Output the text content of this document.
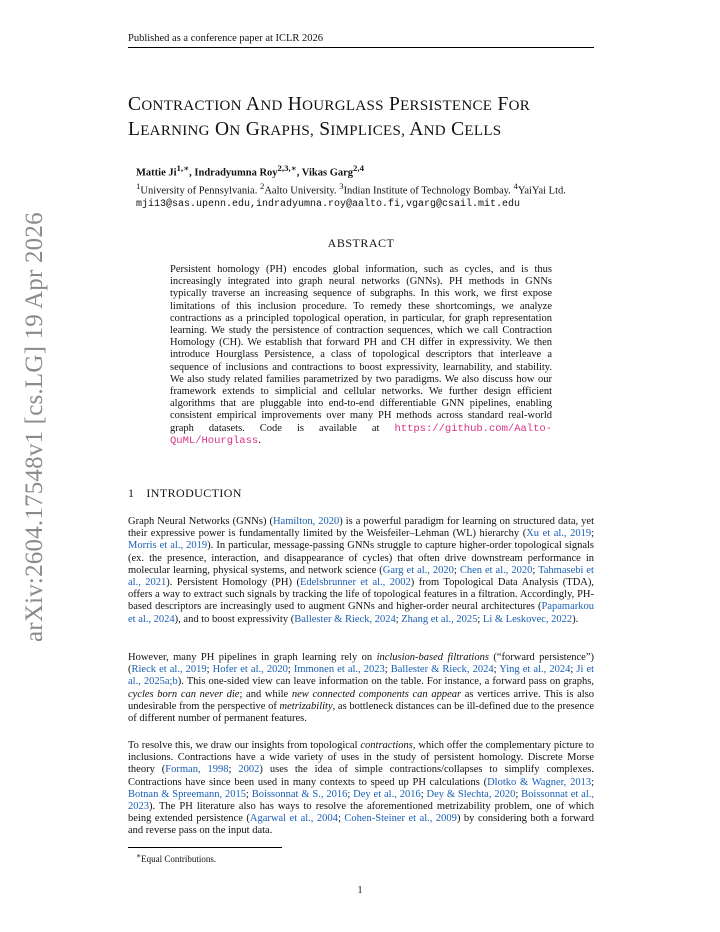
Published as a conference paper at ICLR 2026
arXiv:2604.17548v1 [cs.LG] 19 Apr 2026
CONTRACTION AND HOURGLASS PERSISTENCE FOR
LEARNING ON GRAPHS, SIMPLICES, AND CELLS
Mattie $Ji^{1,∗}$, Indradyumna Roy$^{2,3,∗}$, Vikas Garg$^{2,4}$
$^1$University of Pennsylvania. $^2$Aalto University. $^3$Indian Institute of Technology Bombay. $^4$YaiYai Ltd.
mji13@sas.upenn.edu,indradyumna.roy@aalto.fi,vgarg@csail.mit.edu
ABSTRACT

Persistent homology (PH) encodes global information, such as cycles, and is thus increasingly integrated into graph neural networks (GNNs). PH methods in GNNs typically traverse an increasing sequence of subgraphs. In this work, we first expose limitations of this inclusion procedure. To remedy these shortcomings, we analyze contractions as a principled topological operation, in particular, for graph representation learning. We study the persistence of contraction sequences, which we call Contraction Homology (CH). We establish that forward PH and CH differ in expressivity. We then introduce Hourglass Persistence, a class of topological descriptors that interleave a sequence of inclusions and contractions to boost expressivity, learnability, and stability. We also study related families parametrized by two paradigms. We also discuss how our framework extends to simplicial and cellular networks. We further design efficient algorithms that are pluggable into end-to-end differentiable GNN pipelines, enabling consistent empirical improvements over many PH methods across standard real-world graph datasets. Code is available at https://github.com/Aalto-QuML/Hourglass.

1 INTRODUCTION

Graph Neural Networks (GNNs) (Hamilton, 2020) is a powerful paradigm for learning on structured data, yet their expressive power is fundamentally limited by the Weisfeiler–Lehman (WL) hierarchy (Xu et al., 2019; Morris et al., 2019). In particular, message-passing GNNs struggle to capture higher-order topological signals (ex. the presence, interaction, and disappearance of cycles) that often drive downstream performance in molecular learning, physical systems, and network science (Garg et al., 2020; Chen et al., 2020; Tahmasebi et al., 2021). Persistent Homology (PH) (Edelsbrunner et al., 2002) from Topological Data Analysis (TDA), offers a way to extract such signals by tracking the life of topological features in a filtration. Accordingly, PH-based descriptors are increasingly used to augment GNNs and higher-order neural architectures (Papamarkou et al., 2024), and to boost expressivity (Ballester & Rieck, 2024; Zhang et al., 2025; Li & Leskovec, 2022).

However, many PH pipelines in graph learning rely on inclusion-based filtrations (“forward persistence”) (Rieck et al., 2019; Hofer et al., 2020; Immonen et al., 2023; Ballester & Rieck, 2024; Ying et al., 2024; Ji et al., 2025a;b). This one-sided view can leave information on the table. For instance, a forward pass on graphs, cycles born can never die; and while new connected components can appear as vertices arrive. This is also undesirable from the perspective of metrizability, as bottleneck distances can be ill-defined due to the presence of different number of permanent features.

To resolve this, we draw our insights from topological contractions, which offer the complementary picture to inclusions. Contractions have a wide variety of uses in the study of persistent homology. Discrete Morse theory (Forman, 1998; 2002) uses the idea of simple contractions/collapses to simplify complexes. Contractions have since been used in many contexts to speed up PH calculations (Dlotko & Wagner, 2013; Botnan & Spreemann, 2015; Boissonnat & S., 2016; Dey et al., 2016; Dey & Slechta, 2020; Boissonnat et al., 2023). The PH literature also has ways to resolve the aforementioned metrizability problem, one of which being extended persistence (Agarwal et al., 2004; Cohen-Steiner et al., 2009) by considering both a forward and reverse pass on the input data.

∗Equal Contributions.
1
